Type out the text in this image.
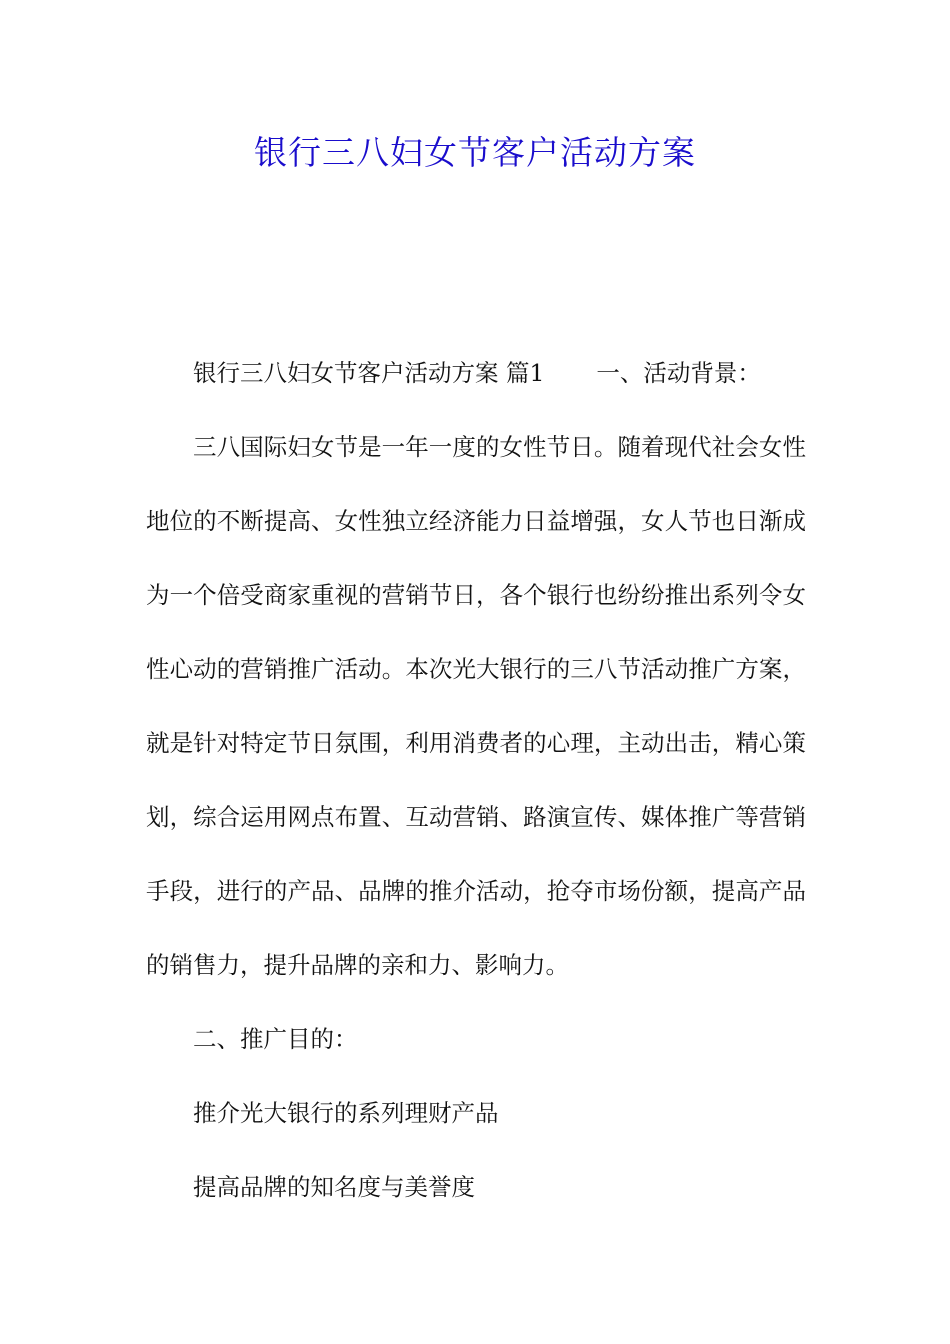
银行三八妇女节客户活动方案

银行三八妇女节客户活动方案 篇1 一、活动背景：

三八国际妇女节是一年一度的女性节日。随着现代社会女性地位的不断提高、女性独立经济能力日益增强，女人节也日渐成为一个倍受商家重视的营销节日，各个银行也纷纷推出系列令女性心动的营销推广活动。本次光大银行的三八节活动推广方案，就是针对特定节日氛围，利用消费者的心理，主动出击，精心策划，综合运用网点布置、互动营销、路演宣传、媒体推广等营销手段，进行的产品、品牌的推介活动，抢夺市场份额，提高产品的销售力，提升品牌的亲和力、影响力。

二、推广目的：

推介光大银行的系列理财产品

提高品牌的知名度与美誉度
